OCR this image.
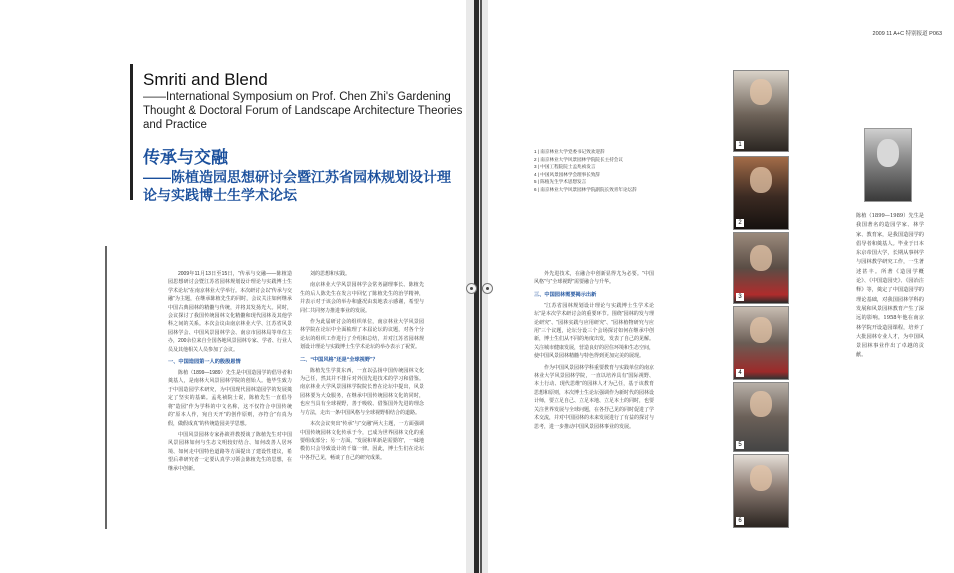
Smriti and Blend
——International Symposium on Prof. Chen Zhi's Gardening Thought & Doctoral Forum of Landscape Architecture Theories and Practice
传承与交融
——陈植造园思想研讨会暨江苏省园林规划设计理论与实践博士生学术论坛

2009年11月13日至15日，“传承与交融——陈植造园思想研讨会暨江苏省园林规划设计理论与实践博士生学术论坛”在南京林业大学举行。本次研讨会以“传承与交融”为主题，在继承陈植先生的同时，会议关注如何继承中国古典园林的精髓与传统，并将其发扬光大。同时，会议探讨了我国传统园林文化精髓和现代园林及其他学科之间的关系。本次会议由南京林业大学、江苏省风景园林学会、中国风景园林学会、南京市园林局等单位主办，200余位来自全国各地风景园林专家、学者、行业人员及其他相关人员参加了会议。

一、中国造园第一人的殷殷恩情

陈植（1899—1989）先生是中国造园学的倡导者和奠基人，是南林大风景园林学院的创始人。他毕生致力于中国造园学术研究，为中国现代园林造园学的发展奠定了坚实的基础。孟兆祯院士说，陈植先生一直倡导将“造园”作为学科的中文名称，这不仅符合中国传统的“原本人作，宛自天开”的创作原则，亦符合“有真为假，做假成真”的传统造园美学思想。

中国风景园林专家孙筱祥教授谈了陈植先生对中国风景园林如何与生态文明较好结合、如何改善人居环境、如何走中国特色道路等方面提出了建设性建议，希望后辈研究者一定要认真学习领会陈植先生的思想，在继承中创新。

刘的思想和实践。

南京林业大学风景园林学会常务副理事长、陈植先生的后人陈先生在发言中回忆了陈植先生的治学精神，并表示对于该会的举办和盛况由衷地表示感谢，希望与同仁共同努力推进事业的发展。

作为此届研讨会的组织单位，南京林业大学风景园林学院在论坛中全面梳理了本届论坛的议题，对各个分论坛的组织工作进行了介绍和总结，并对江苏省园林规划设计理论与实践博士生学术论坛的举办表示了祝贺。

二、“中国风格”还是“全球视野”？

陈植先生学贯东西，一直以弘扬中国传统园林文化为己任，然其并不排斥对外国先进技术的学习和借鉴。南京林业大学风景园林学院院长曾在论坛中提出，风景园林要为大众服务，在继承中国传统园林文化的同时，也应当具有全球视野，善于吸收、借鉴国外先进的理念与方法，走出一条中国风格与全球视野相结合的道路。

本次会议突出“传承”与“交融”两大主题，一方面强调中国传统园林文化传承于今，已成为世界园林文化的重要组成部分；另一方面，“发展和革新是需要的”，一味地模仿只会导致设计的千篇一律。因此，博士生们在论坛中各抒己见，畅谈了自己的研究成果。

2009 11 A+C 特别报道 P063
1 | 南京林业大学党委书记致欢迎辞
2 | 南京林业大学风景园林学院院长主持会议
3 | 中国工程院院士孟兆祯发言
4 | 中国风景园林学会理事长致辞
5 | 陈植先生学术思想发言
6 | 南京林业大学风景园林学院副院长致青年论坛辞

外先进技术，在融合中创新显得尤为必要。“中国风格”与“全球视野”需要融合与升华。

三、中国园林需要揭示出新

“江苏省园林规划设计理论与实践博士生学术论坛”是本次学术研讨会的重要环节。围绕“园林的发与理论研究”、“园林实践与应用研究”、“园林植物研究与应用”三个议题，论坛分设三个会场探讨如何在继承中创新，博士生们从不同的角度出发，发表了自己的见解。关注城市健康发展，营造良好的居住环境和生态空间，使中国风景园林精髓与特色得到更加完美的展现。

作为中国风景园林学科重要教育与实践单位的南京林业大学风景园林学院，一直以培养具有“国际视野、本土行动、现代思维”的园林人才为己任，基于该教育思想和原则，本次博士生论坛强调作为新时代的园林设计师，要立足自己、立足本地、立足本土的同时，也要关注世界发展与全球问题，在各抒己见的同时促进了学术交流，并对中国园林的未来发展进行了有益的探讨与思考，进一步推动中国风景园林事业的发展。

1
2
3
4
5
6
陈植（1899—1989）先生是我国著名的造园学家、林学家、教育家，是我国造园学的倡导者和奠基人。毕业于日本东京帝国大学，长期从事林学与园林教学研究工作，一生著述甚丰。所著《造园学概论》、《中国造园史》、《园冶注释》等，奠定了中国造园学的理论基础，对我国园林学科的发展和风景园林教育产生了深远的影响。1958年他在南京林学院开设造园课程，培养了大批园林专业人才，为中国风景园林事业作出了卓越的贡献。
